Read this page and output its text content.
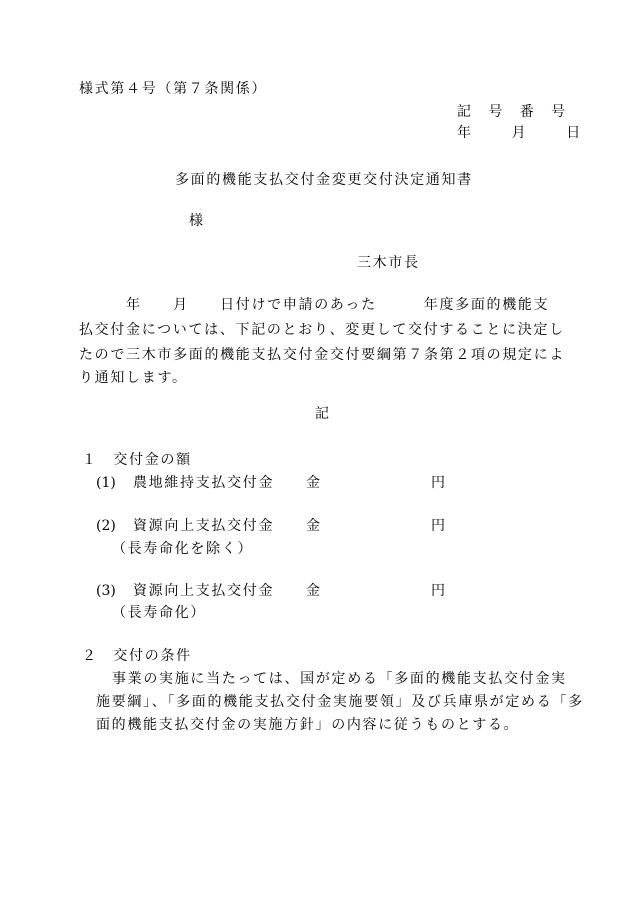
様式第４号（第７条関係）
記　号　番　号
年　　月　　日
多面的機能支払交付金変更交付決定通知書
様
三木市長
　　　年　　月　　日付けで申請のあった　　　年度多面的機能支
払交付金については、下記のとおり、変更して交付することに決定し
たので三木市多面的機能支払交付金交付要綱第７条第２項の規定によ
り通知します。
記
１　交付金の額
(1) 農地維持支払交付金 金	円
(2) 資源向上支払交付金 金	円
（長寿命化を除く）
(3) 資源向上支払交付金 金	円
（長寿命化）
２　交付の条件
事業の実施に当たっては、国が定める「多面的機能支払交付金実
施要綱」、「多面的機能支払交付金実施要領」及び兵庫県が定める「多
面的機能支払交付金の実施方針」の内容に従うものとする。
